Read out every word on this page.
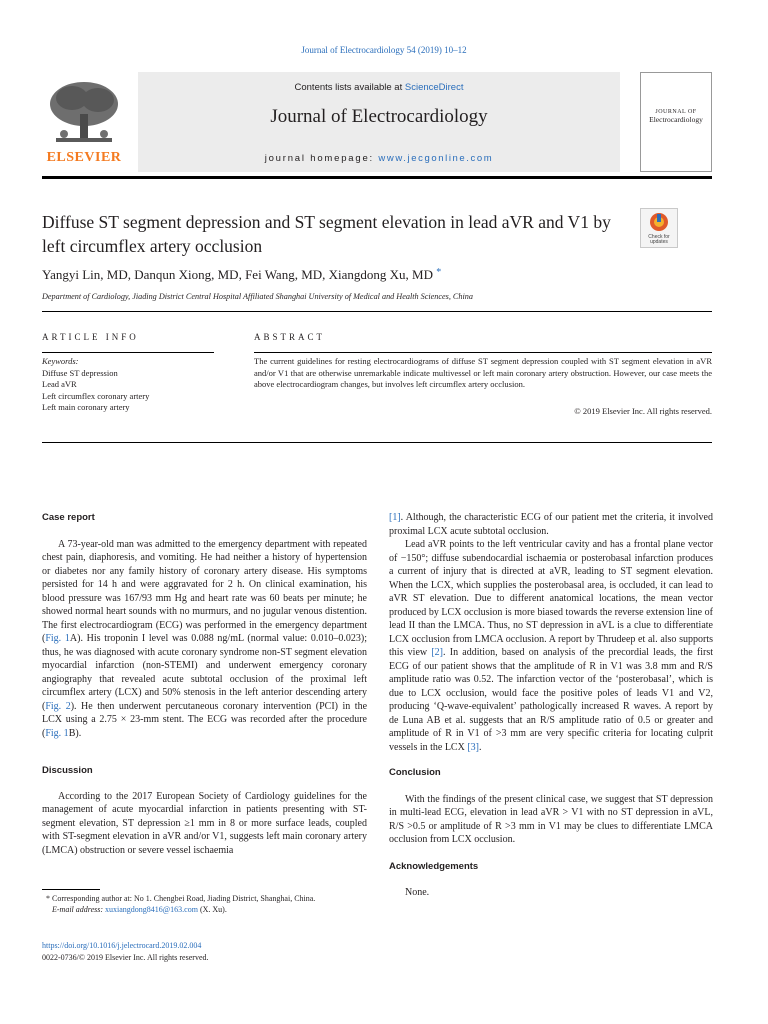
Journal of Electrocardiology 54 (2019) 10–12
ELSEVIER
Contents lists available at ScienceDirect
Journal of Electrocardiology
journal homepage: www.jecgonline.com
JOURNAL OF
Electrocardiology
Diffuse ST segment depression and ST segment elevation in lead aVR and V1 by left circumflex artery occlusion	Check for updates
Yangyi Lin, MD, Danqun Xiong, MD, Fei Wang, MD, Xiangdong Xu, MD *
Department of Cardiology, Jiading District Central Hospital Affiliated Shanghai University of Medical and Health Sciences, China
ARTICLE INFO	ABSTRACT
Keywords:
Diffuse ST depression
Lead aVR
Left circumflex coronary artery
Left main coronary artery
The current guidelines for resting electrocardiograms of diffuse ST segment depression coupled with ST segment elevation in aVR and/or V1 that are otherwise unremarkable indicate multivessel or left main coronary artery obstruction. However, our case meets the above electrocardiogram changes, but involves left circumflex artery occlusion.
© 2019 Elsevier Inc. All rights reserved.
Case report

A 73-year-old man was admitted to the emergency department with repeated chest pain, diaphoresis, and vomiting. He had neither a history of hypertension or diabetes nor any family history of coronary artery disease. His symptoms persisted for 14 h and were aggravated for 2 h. On clinical examination, his blood pressure was 167/93 mm Hg and heart rate was 60 beats per minute; he showed normal heart sounds with no murmurs, and no jugular venous distention. The first electrocardiogram (ECG) was performed in the emergency department (Fig. 1A). His troponin I level was 0.088 ng/mL (normal value: 0.010–0.023); thus, he was diagnosed with acute coronary syndrome non-ST segment elevation myocardial infarction (non-STEMI) and underwent emergency coronary angiography that revealed acute subtotal occlusion of the proximal left circumflex artery (LCX) and 50% stenosis in the left anterior descending artery (Fig. 2). He then underwent percutaneous coronary intervention (PCI) in the LCX using a 2.75 × 23-mm stent. The ECG was recorded after the procedure (Fig. 1B).

Discussion

According to the 2017 European Society of Cardiology guidelines for the management of acute myocardial infarction in patients presenting with ST-segment elevation, ST depression ≥1 mm in 8 or more surface leads, coupled with ST-segment elevation in aVR and/or V1, suggests left main coronary artery (LMCA) obstruction or severe vessel ischaemia

* Corresponding author at: No 1. Chengbei Road, Jiading District, Shanghai, China.
E-mail address: xuxiangdong8416@163.com (X. Xu).
https://doi.org/10.1016/j.jelectrocard.2019.02.004
0022-0736/© 2019 Elsevier Inc. All rights reserved.

[1]. Although, the characteristic ECG of our patient met the criteria, it involved proximal LCX acute subtotal occlusion.

Lead aVR points to the left ventricular cavity and has a frontal plane vector of −150°; diffuse subendocardial ischaemia or posterobasal infarction produces a current of injury that is directed at aVR, leading to ST segment elevation. When the LCX, which supplies the posterobasal area, is occluded, it can lead to aVR ST elevation. Due to different anatomical locations, the mean vector produced by LCX occlusion is more biased towards the reverse extension line of lead II than the LMCA. Thus, no ST depression in aVL is a clue to differentiate LCX occlusion from LMCA occlusion. A report by Thrudeep et al. also supports this view [2]. In addition, based on analysis of the precordial leads, the first ECG of our patient shows that the amplitude of R in V1 was 3.8 mm and R/S amplitude ratio was 0.52. The infarction vector of the ‘posterobasal’, which is due to LCX occlusion, would face the positive poles of leads V1 and V2, producing ‘Q-wave-equivalent’ pathologically increased R waves. A report by de Luna AB et al. suggests that an R/S amplitude ratio of 0.5 or greater and amplitude of R in V1 of >3 mm are very specific criteria for locating culprit vessels in the LCX [3].

Conclusion

With the findings of the present clinical case, we suggest that ST depression in multi-lead ECG, elevation in lead aVR > V1 with no ST depression in aVL, R/S >0.5 or amplitude of R >3 mm in V1 may be clues to differentiate LMCA occlusion from LCX occlusion.

Acknowledgements

None.
